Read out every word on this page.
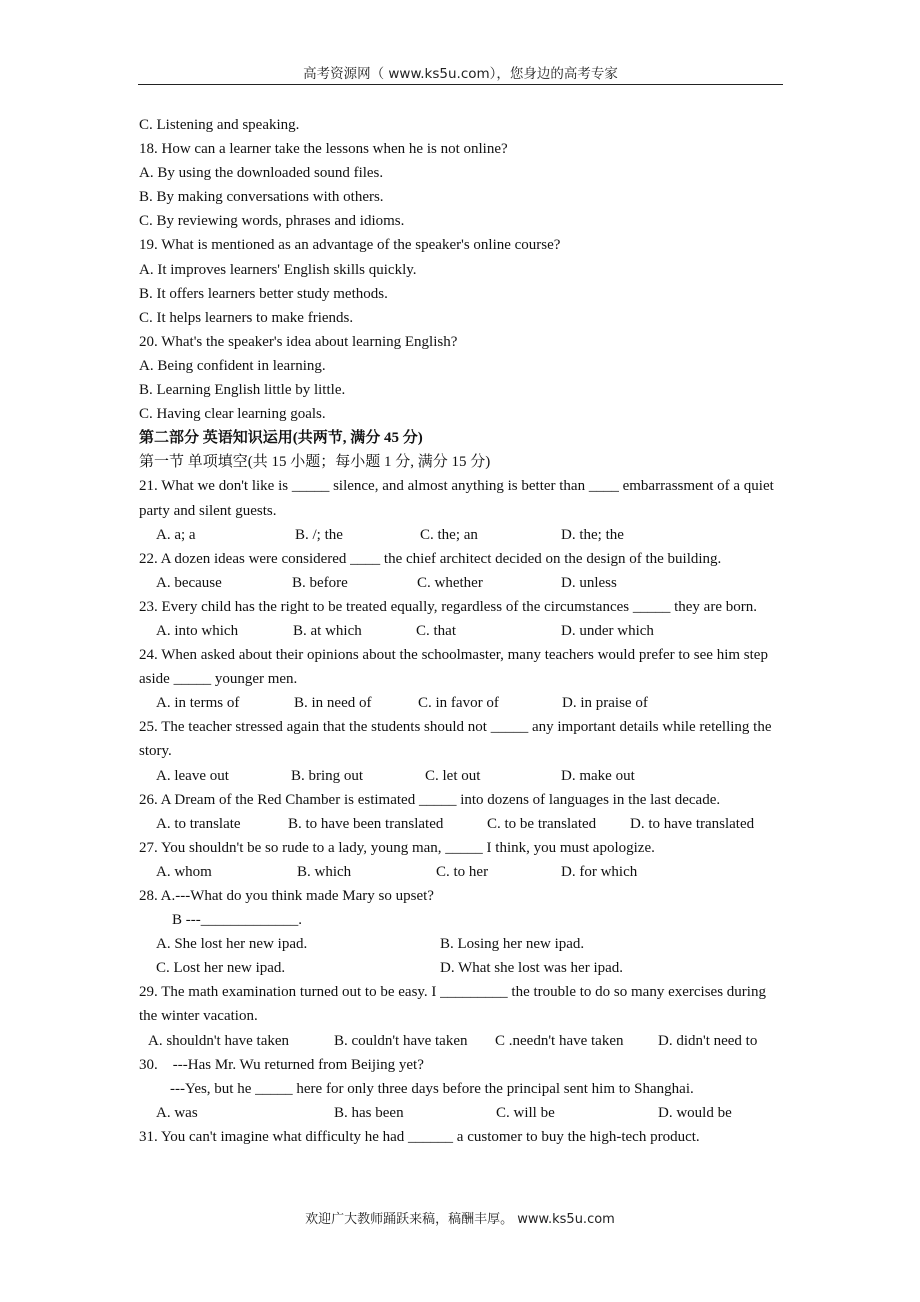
高考资源网（ www.ks5u.com），您身边的高考专家
C. Listening and speaking.
18. How can a learner take the lessons when he is not online?
A. By using the downloaded sound files.
B. By making conversations with others.
C. By reviewing words, phrases and idioms.
19. What is mentioned as an advantage of the speaker's online course?
A. It improves learners' English skills quickly.
B. It offers learners better study methods.
C. It helps learners to make friends.
20. What's the speaker's idea about learning English?
A. Being confident in learning.
B. Learning English little by little.
C. Having clear learning goals.
第二部分 英语知识运用(共两节, 满分 45 分)
第一节 单项填空(共 15 小题；每小题 1 分, 满分 15 分)
21. What we don't like is _____ silence, and almost anything is better than ____ embarrassment of a quiet party and silent guests.
A. a; a	B. /; the	C. the; an	D. the; the
22. A dozen ideas were considered ____ the chief architect decided on the design of the building.
A. because	B. before	C. whether	D. unless
23. Every child has the right to be treated equally, regardless of the circumstances _____ they are born.
A. into which	B. at which	C. that	D. under which
24. When asked about their opinions about the schoolmaster, many teachers would prefer to see him step aside _____ younger men.
A. in terms of	B. in need of	C. in favor of	D. in praise of
25. The teacher stressed again that the students should not _____ any important details while retelling the story.
A. leave out	B. bring out	C. let out	D. make out
26. A Dream of the Red Chamber is estimated _____ into dozens of languages in the last decade.
A. to translate	B. to have been translated	C. to be translated	D. to have translated
27. You shouldn't be so rude to a lady, young man, _____ I think, you must apologize.
A. whom	B. which	C. to her	D. for which
28. A.---What do you think made Mary so upset?
B ---_____________.
A. She lost her new ipad.	B. Losing her new ipad.
C. Lost her new ipad.	D. What she lost was her ipad.
29. The math examination turned out to be easy. I _________ the trouble to do so many exercises during the winter vacation.
A. shouldn't have taken	B. couldn't have taken	C .needn't have taken	D. didn't need to
30.    ---Has Mr. Wu returned from Beijing yet?
---Yes, but he _____ here for only three days before the principal sent him to Shanghai.
A. was	B. has been	C. will be	D. would be
31. You can't imagine what difficulty he had ______ a customer to buy the high-tech product.
欢迎广大教师踊跃来稿，稿酬丰厚。 www.ks5u.com
